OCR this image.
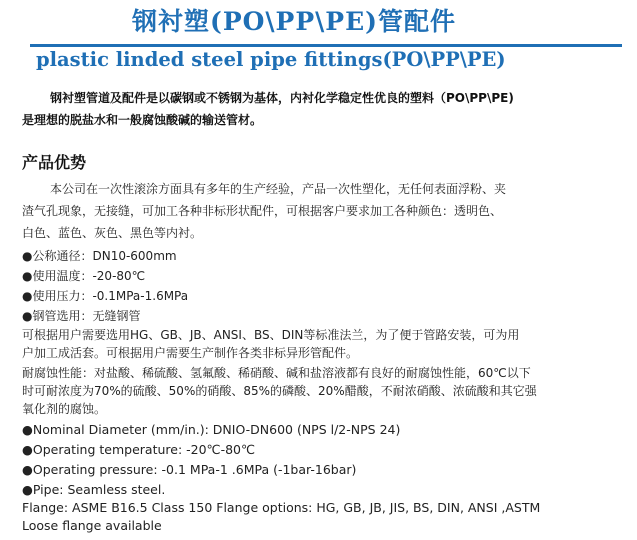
钢衬塑(PO\PP\PE)管配件
plastic linded steel pipe fittings(PO\PP\PE)
钢衬塑管道及配件是以碳钢或不锈钢为基体，内衬化学稳定性优良的塑料（PO\PP\PE)
是理想的脱盐水和一般腐蚀酸碱的输送管材。
产品优势
本公司在一次性滚涂方面具有多年的生产经验，产品一次性塑化，无任何表面浮粉、夹
渣气孔现象，无接缝，可加工各种非标形状配件，可根据客户要求加工各种颜色：透明色、
白色、蓝色、灰色、黑色等内衬。
●公称通径：DN10-600mm
●使用温度：-20-80℃
●使用压力：-0.1MPa-1.6MPa
●钢管选用：无缝钢管
可根据用户需要选用HG、GB、JB、ANSI、BS、DIN等标准法兰，为了便于管路安装，可为用
户加工成活套。可根据用户需要生产制作各类非标异形管配件。
耐腐蚀性能：对盐酸、稀硫酸、氢氟酸、稀硝酸、碱和盐溶液都有良好的耐腐蚀性能，60℃以下
时可耐浓度为70%的硫酸、50%的硝酸、85%的磷酸、20%醋酸，不耐浓硝酸、浓硫酸和其它强
氧化剂的腐蚀。
●Nominal Diameter (mm/in.): DNIO-DN600 (NPS l/2-NPS 24)
●Operating temperature: -20℃-80℃
●Operating pressure: -0.1 MPa-1 .6MPa (-1bar-16bar)
●Pipe: Seamless steel.
Flange: ASME B16.5 Class 150 Flange options: HG, GB, JB, JIS, BS, DIN, ANSI ,ASTM
Loose flange available
